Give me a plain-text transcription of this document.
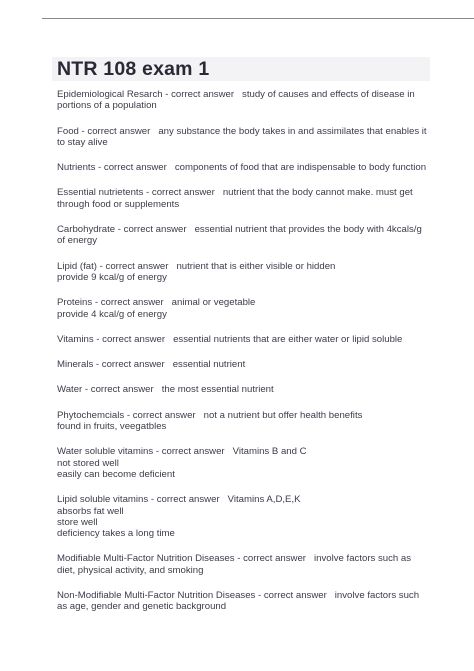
NTR 108 exam 1
Epidemiological Resarch - correct answer study of causes and effects of disease in
portions of a population
Food - correct answer any substance the body takes in and assimilates that enables it
to stay alive
Nutrients - correct answer components of food that are indispensable to body function
Essential nutrietents - correct answer nutrient that the body cannot make. must get
through food or supplements
Carbohydrate - correct answer essential nutrient that provides the body with 4kcals/g
of energy
Lipid (fat) - correct answer nutrient that is either visible or hidden
provide 9 kcal/g of energy
Proteins - correct answer animal or vegetable
provide 4 kcal/g of energy
Vitamins - correct answer essential nutrients that are either water or lipid soluble
Minerals - correct answer essential nutrient
Water - correct answer the most essential nutrient
Phytochemcials - correct answer not a nutrient but offer health benefits
found in fruits, veegatbles
Water soluble vitamins - correct answer Vitamins B and C
not stored well
easily can become deficient
Lipid soluble vitamins - correct answer Vitamins A,D,E,K
absorbs fat well
store well
deficiency takes a long time
Modifiable Multi-Factor Nutrition Diseases - correct answer involve factors such as
diet, physical activity, and smoking
Non-Modifiable Multi-Factor Nutrition Diseases - correct answer involve factors such
as age, gender and genetic background
